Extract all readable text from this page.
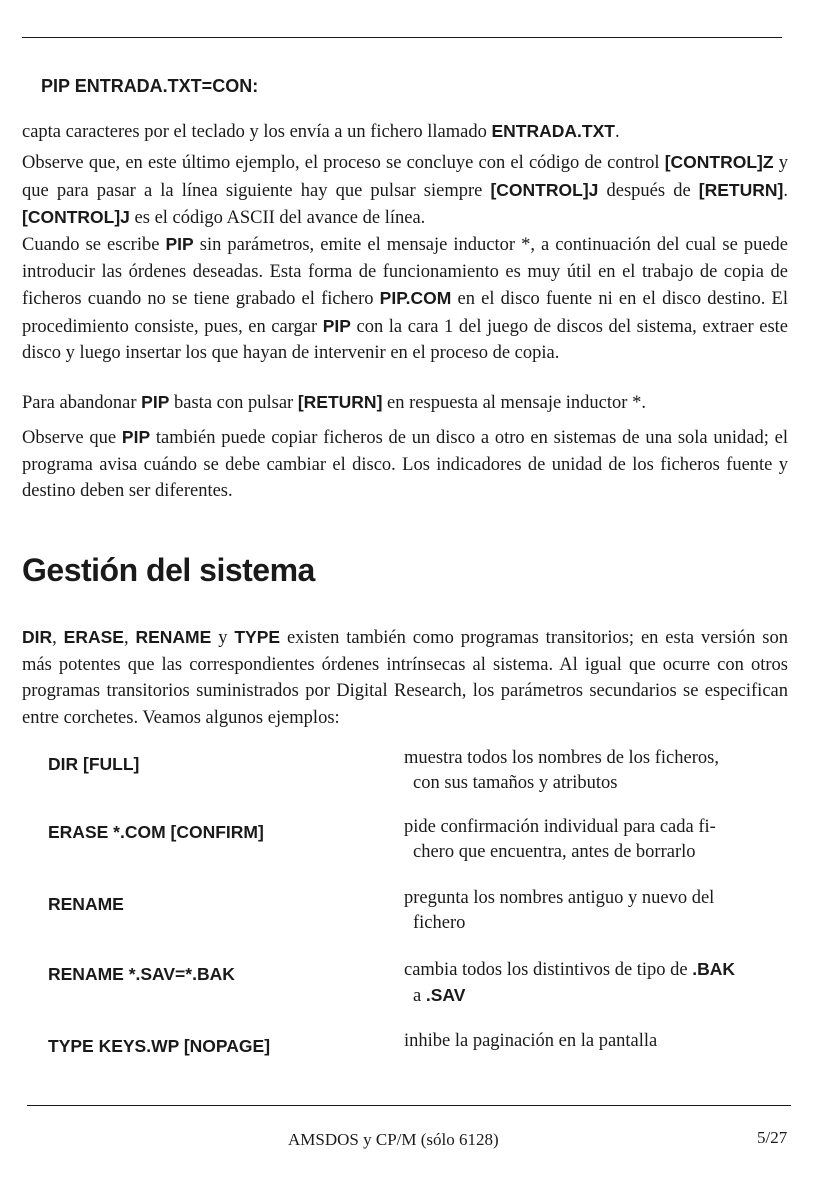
PIP ENTRADA.TXT=CON:

capta caracteres por el teclado y los envía a un fichero llamado ENTRADA.TXT.

Observe que, en este último ejemplo, el proceso se concluye con el código de control [CONTROL]Z y que para pasar a la línea siguiente hay que pulsar siempre [CONTROL]J después de [RETURN]. [CONTROL]J es el código ASCII del avance de línea.

Cuando se escribe PIP sin parámetros, emite el mensaje inductor *, a continuación del cual se puede introducir las órdenes deseadas. Esta forma de funcionamiento es muy útil en el trabajo de copia de ficheros cuando no se tiene grabado el fichero PIP.COM en el disco fuente ni en el disco destino. El procedimiento consiste, pues, en cargar PIP con la cara 1 del juego de discos del sistema, extraer este disco y luego insertar los que hayan de intervenir en el proceso de copia.

Para abandonar PIP basta con pulsar [RETURN] en respuesta al mensaje inductor *.

Observe que PIP también puede copiar ficheros de un disco a otro en sistemas de una sola unidad; el programa avisa cuándo se debe cambiar el disco. Los indicadores de unidad de los ficheros fuente y destino deben ser diferentes.

Gestión del sistema

DIR, ERASE, RENAME y TYPE existen también como programas transitorios; en esta versión son más potentes que las correspondientes órdenes intrínsecas al sistema. Al igual que ocurre con otros programas transitorios suministrados por Digital Research, los parámetros secundarios se especifican entre corchetes. Veamos algunos ejemplos:

DIR [FULL]	muestra todos los nombres de los ficheros,
con sus tamaños y atributos

ERASE *.COM [CONFIRM]	pide confirmación individual para cada fi-
chero que encuentra, antes de borrarlo

RENAME	pregunta los nombres antiguo y nuevo del
fichero

RENAME *.SAV=*.BAK	cambia todos los distintivos de tipo de .BAK
a .SAV

TYPE KEYS.WP [NOPAGE]	inhibe la paginación en la pantalla

AMSDOS y CP/M (sólo 6128)	5/27
